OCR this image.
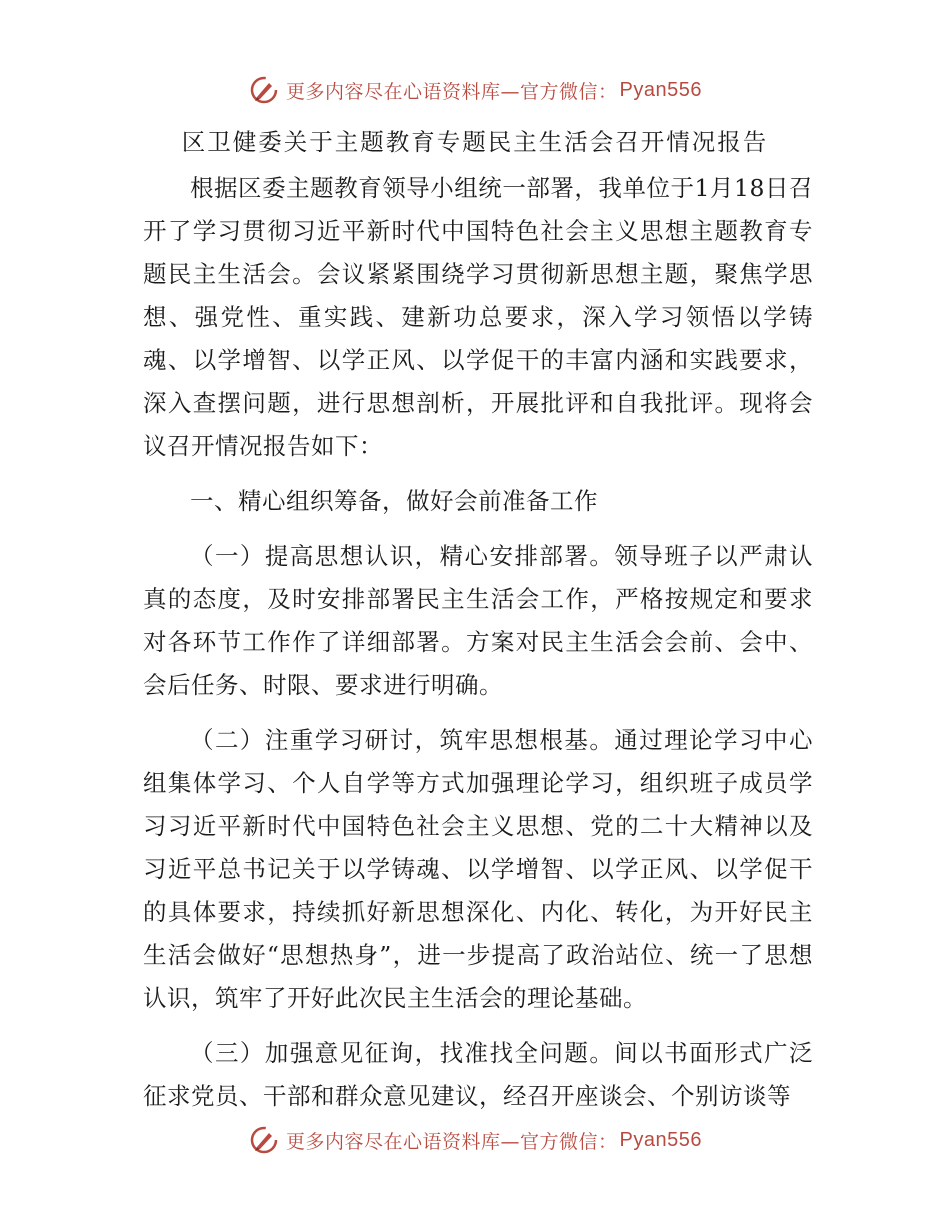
更多内容尽在心语资料库—官方微信： Pyan556
区卫健委关于主题教育专题民主生活会召开情况报告

根据区委主题教育领导小组统一部署，我单位于1月18日召开了学习贯彻习近平新时代中国特色社会主义思想主题教育专题民主生活会。会议紧紧围绕学习贯彻新思想主题，聚焦学思想、强党性、重实践、建新功总要求，深入学习领悟以学铸魂、以学增智、以学正风、以学促干的丰富内涵和实践要求，深入查摆问题，进行思想剖析，开展批评和自我批评。现将会议召开情况报告如下：

一、精心组织筹备，做好会前准备工作

（一）提高思想认识，精心安排部署。领导班子以严肃认真的态度，及时安排部署民主生活会工作，严格按规定和要求对各环节工作作了详细部署。方案对民主生活会会前、会中、会后任务、时限、要求进行明确。

（二）注重学习研讨，筑牢思想根基。通过理论学习中心组集体学习、个人自学等方式加强理论学习，组织班子成员学习习近平新时代中国特色社会主义思想、党的二十大精神以及习近平总书记关于以学铸魂、以学增智、以学正风、以学促干的具体要求，持续抓好新思想深化、内化、转化，为开好民主生活会做好“思想热身”，进一步提高了政治站位、统一了思想认识，筑牢了开好此次民主生活会的理论基础。

（三）加强意见征询，找准找全问题。间以书面形式广泛征求党员、干部和群众意见建议，经召开座谈会、个别访谈等

更多内容尽在心语资料库—官方微信： Pyan556
